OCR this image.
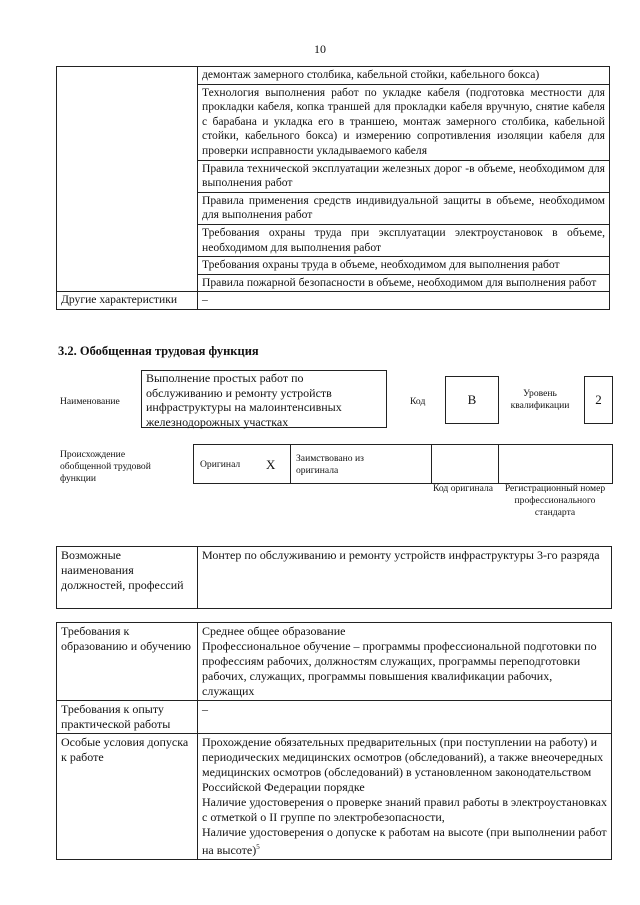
10
	демонтаж замерного столбика, кабельной стойки, кабельного бокса)
	Технология выполнения работ по укладке кабеля (подготовка местности для прокладки кабеля, копка траншей для прокладки кабеля вручную, снятие кабеля с барабана и укладка его в траншею, монтаж замерного столбика, кабельной стойки, кабельного бокса) и измерению сопротивления изоляции кабеля для проверки исправности укладываемого кабеля
	Правила технической эксплуатации железных дорог -в объеме, необходимом для выполнения работ
	Правила применения средств индивидуальной защиты в объеме, необходимом для выполнения работ
	Требования охраны труда при эксплуатации электроустановок в объеме, необходимом для выполнения работ
	Требования охраны труда в объеме, необходимом для выполнения работ
	Правила пожарной безопасности в объеме, необходимом для выполнения работ
Другие характеристики	–
3.2. Обобщенная трудовая функция
Наименование
Выполнение простых работ по обслуживанию и ремонту устройств инфраструктуры на малоинтенсивных железнодорожных участках
Код	В	Уровень квалификации	2
Происхождение обобщенной трудовой функции
Оригинал Х Заимствовано из оригинала
Код оригинала	Регистрационный номер профессионального стандарта
Возможные наименования должностей, профессий	Монтер по обслуживанию и ремонту устройств инфраструктуры 3-го разряда
Требования к образованию и обучению	Среднее общее образование
Профессиональное обучение – программы профессиональной подготовки по профессиям рабочих, должностям служащих, программы переподготовки рабочих, служащих, программы повышения квалификации рабочих, служащих

Требования к опыту практической работы	–
Особые условия допуска к работе	Прохождение обязательных предварительных (при поступлении на работу) и периодических медицинских осмотров (обследований), а также внеочередных медицинских осмотров (обследований) в установленном законодательством Российской Федерации порядке
Наличие удостоверения о проверке знаний правил работы в электроустановках с отметкой о II группе по электробезопасности,
Наличие удостоверения о допуске к работам на высоте (при выполнении работ на высоте)$^5$
